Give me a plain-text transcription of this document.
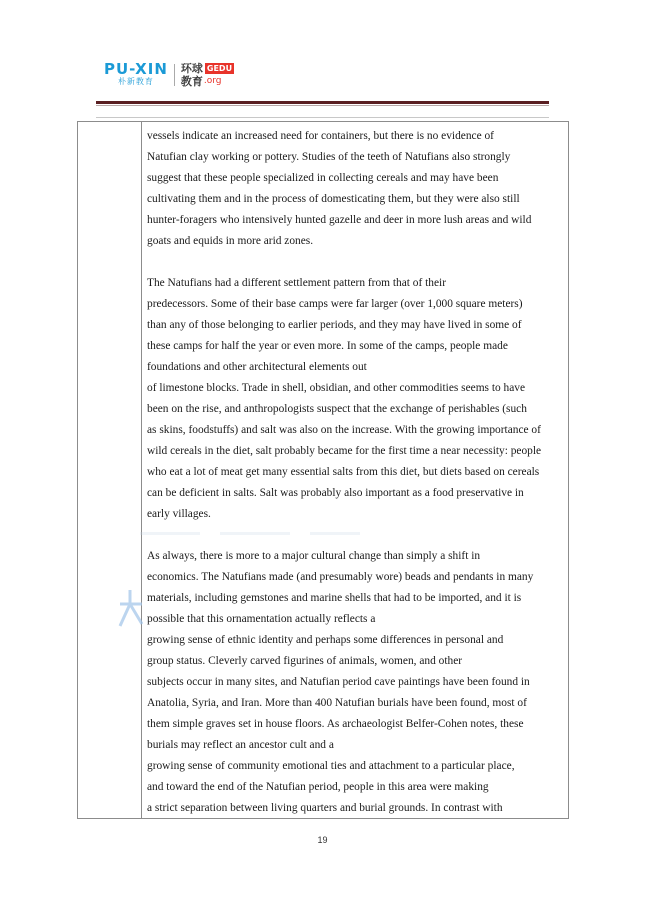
PU-XIN
朴新教育
环球 GEDU
教育 .org

vessels indicate an increased need for containers, but there is no evidence of
Natufian clay working or pottery. Studies of the teeth of Natufians also strongly
suggest that these people specialized in collecting cereals and may have been
cultivating them and in the process of domesticating them, but they were also still
hunter-foragers who intensively hunted gazelle and deer in more lush areas and wild
goats and equids in more arid zones.

The Natufians had a different settlement pattern from that of their
predecessors. Some of their base camps were far larger (over 1,000 square meters)
than any of those belonging to earlier periods, and they may have lived in some of
these camps for half the year or even more. In some of the camps, people made
foundations and other architectural elements out
of limestone blocks. Trade in shell, obsidian, and other commodities seems to have
been on the rise, and anthropologists suspect that the exchange of perishables (such
as skins, foodstuffs) and salt was also on the increase. With the growing importance of
wild cereals in the diet, salt probably became for the first time a near necessity: people
who eat a lot of meat get many essential salts from this diet, but diets based on cereals
can be deficient in salts. Salt was probably also important as a food preservative in
early villages.

As always, there is more to a major cultural change than simply a shift in
economics. The Natufians made (and presumably wore) beads and pendants in many
materials, including gemstones and marine shells that had to be imported, and it is
possible that this ornamentation actually reflects a
growing sense of ethnic identity and perhaps some differences in personal and
group status. Cleverly carved figurines of animals, women, and other
subjects occur in many sites, and Natufian period cave paintings have been found in
Anatolia, Syria, and Iran. More than 400 Natufian burials have been found, most of
them simple graves set in house floors. As archaeologist Belfer-Cohen notes, these
burials may reflect an ancestor cult and a
growing sense of community emotional ties and attachment to a particular place,
and toward the end of the Natufian period, people in this area were making
a strict separation between living quarters and burial grounds. In contrast with

19
